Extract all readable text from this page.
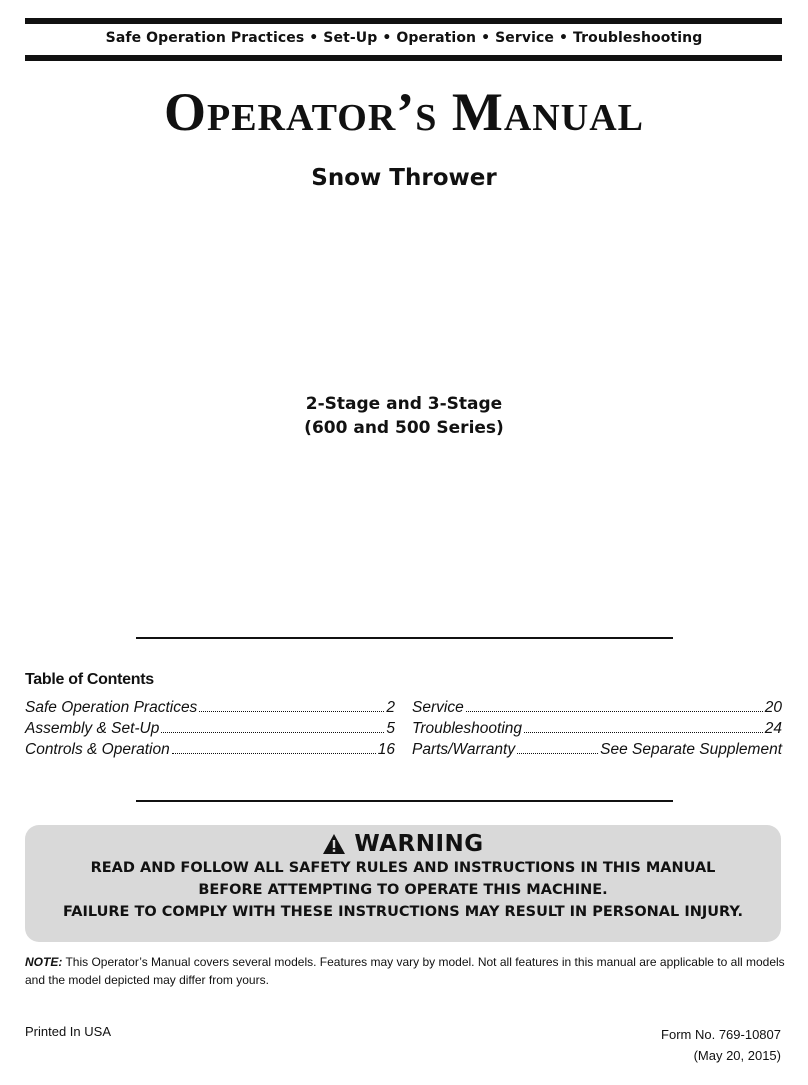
Safe Operation Practices • Set-Up • Operation • Service • Troubleshooting
Operator’s Manual
Snow Thrower
2-Stage and 3-Stage
(600 and 500 Series)
Table of Contents
Safe Operation Practices	2
Assembly & Set-Up	5
Controls & Operation	16
Service	20
Troubleshooting	24
Parts/Warranty	See Separate Supplement
WARNING
READ AND FOLLOW ALL SAFETY RULES AND INSTRUCTIONS IN THIS MANUAL
BEFORE ATTEMPTING TO OPERATE THIS MACHINE.
FAILURE TO COMPLY WITH THESE INSTRUCTIONS MAY RESULT IN PERSONAL INJURY.
NOTE: This Operator’s Manual covers several models. Features may vary by model. Not all features in this manual are applicable to all models and the model depicted may differ from yours.
Printed In USA	Form No. 769-10807
(May 20, 2015)
